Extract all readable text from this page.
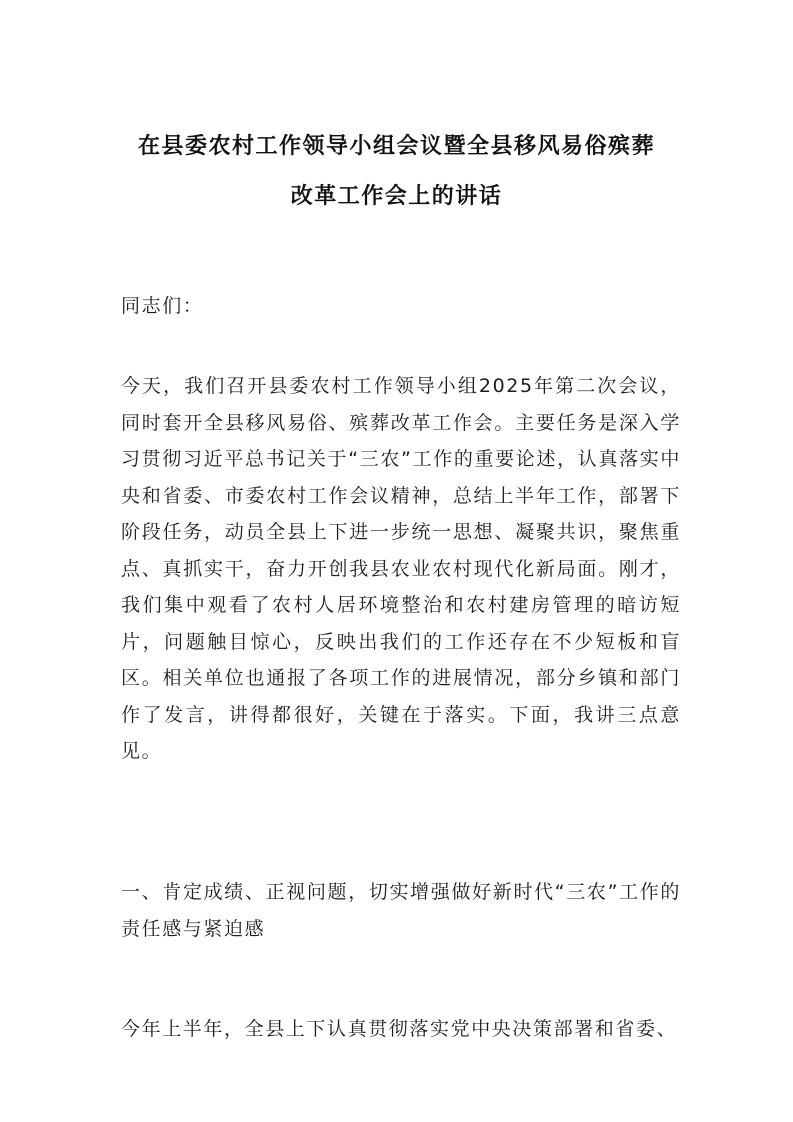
在县委农村工作领导小组会议暨全县移风易俗殡葬
改革工作会上的讲话

同志们：

今天，我们召开县委农村工作领导小组2025年第二次会议，同时套开全县移风易俗、殡葬改革工作会。主要任务是深入学习贯彻习近平总书记关于“三农”工作的重要论述，认真落实中央和省委、市委农村工作会议精神，总结上半年工作，部署下阶段任务，动员全县上下进一步统一思想、凝聚共识，聚焦重点、真抓实干，奋力开创我县农业农村现代化新局面。刚才，我们集中观看了农村人居环境整治和农村建房管理的暗访短片，问题触目惊心，反映出我们的工作还存在不少短板和盲区。相关单位也通报了各项工作的进展情况，部分乡镇和部门作了发言，讲得都很好，关键在于落实。下面，我讲三点意见。

一、肯定成绩、正视问题，切实增强做好新时代“三农”工作的责任感与紧迫感

今年上半年，全县上下认真贯彻落实党中央决策部署和省委、
